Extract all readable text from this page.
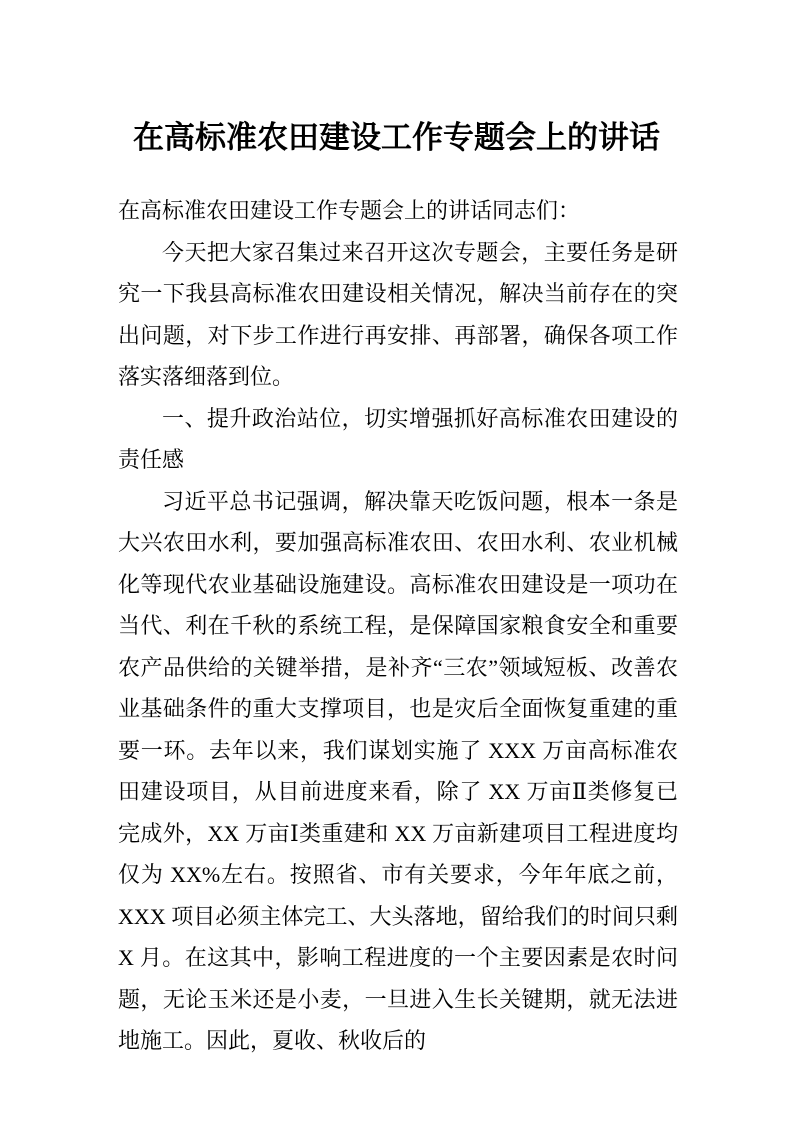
在高标准农田建设工作专题会上的讲话

在高标准农田建设工作专题会上的讲话同志们：

今天把大家召集过来召开这次专题会，主要任务是研究一下我县高标准农田建设相关情况，解决当前存在的突出问题，对下步工作进行再安排、再部署，确保各项工作落实落细落到位。

一、提升政治站位，切实增强抓好高标准农田建设的责任感

习近平总书记强调，解决靠天吃饭问题，根本一条是大兴农田水利，要加强高标准农田、农田水利、农业机械化等现代农业基础设施建设。高标准农田建设是一项功在当代、利在千秋的系统工程，是保障国家粮食安全和重要农产品供给的关键举措，是补齐“三农”领域短板、改善农业基础条件的重大支撑项目，也是灾后全面恢复重建的重要一环。去年以来，我们谋划实施了 XXX 万亩高标准农田建设项目，从目前进度来看，除了 XX 万亩Ⅱ类修复已完成外，XX 万亩Ⅰ类重建和 XX 万亩新建项目工程进度均仅为 XX%左右。按照省、市有关要求，今年年底之前，XXX 项目必须主体完工、大头落地，留给我们的时间只剩 X 月。在这其中，影响工程进度的一个主要因素是农时问题，无论玉米还是小麦，一旦进入生长关键期，就无法进地施工。因此，夏收、秋收后的
